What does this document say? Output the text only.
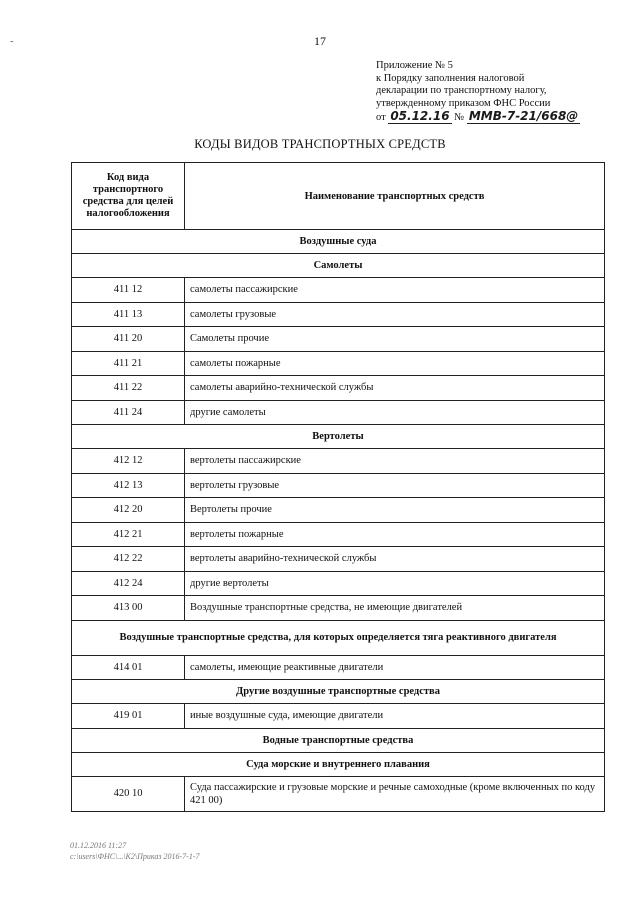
17
˜
Приложение № 5
к Порядку заполнения налоговой
декларации по транспортному налогу,
утвержденному приказом ФНС России
от 05.12.16 № ММВ-7-21/668@
КОДЫ ВИДОВ ТРАНСПОРТНЫХ СРЕДСТВ
Код вида транспортного средства для целей налогообложения	Наименование транспортных средств
Воздушные суда	
Самолеты	
411 12	самолеты пассажирские
411 13	самолеты грузовые
411 20	Самолеты прочие
411 21	самолеты пожарные
411 22	самолеты аварийно-технической службы
411 24	другие самолеты
Вертолеты	
412 12	вертолеты пассажирские
412 13	вертолеты грузовые
412 20	Вертолеты прочие
412 21	вертолеты пожарные
412 22	вертолеты аварийно-технической службы
412 24	другие вертолеты
413 00	Воздушные транспортные средства, не имеющие двигателей
Воздушные транспортные средства, для которых определяется тяга реактивного двигателя	
414 01	самолеты, имеющие реактивные двигатели
Другие воздушные транспортные средства	
419 01	иные воздушные суда, имеющие двигатели
Водные транспортные средства	
Суда морские и внутреннего плавания	
420 10	Суда пассажирские и грузовые морские и речные самоходные (кроме включенных по коду 421 00)
01.12.2016 11:27
с:\users\ФНС\...\К2\Приказ 2016-7-1-7
